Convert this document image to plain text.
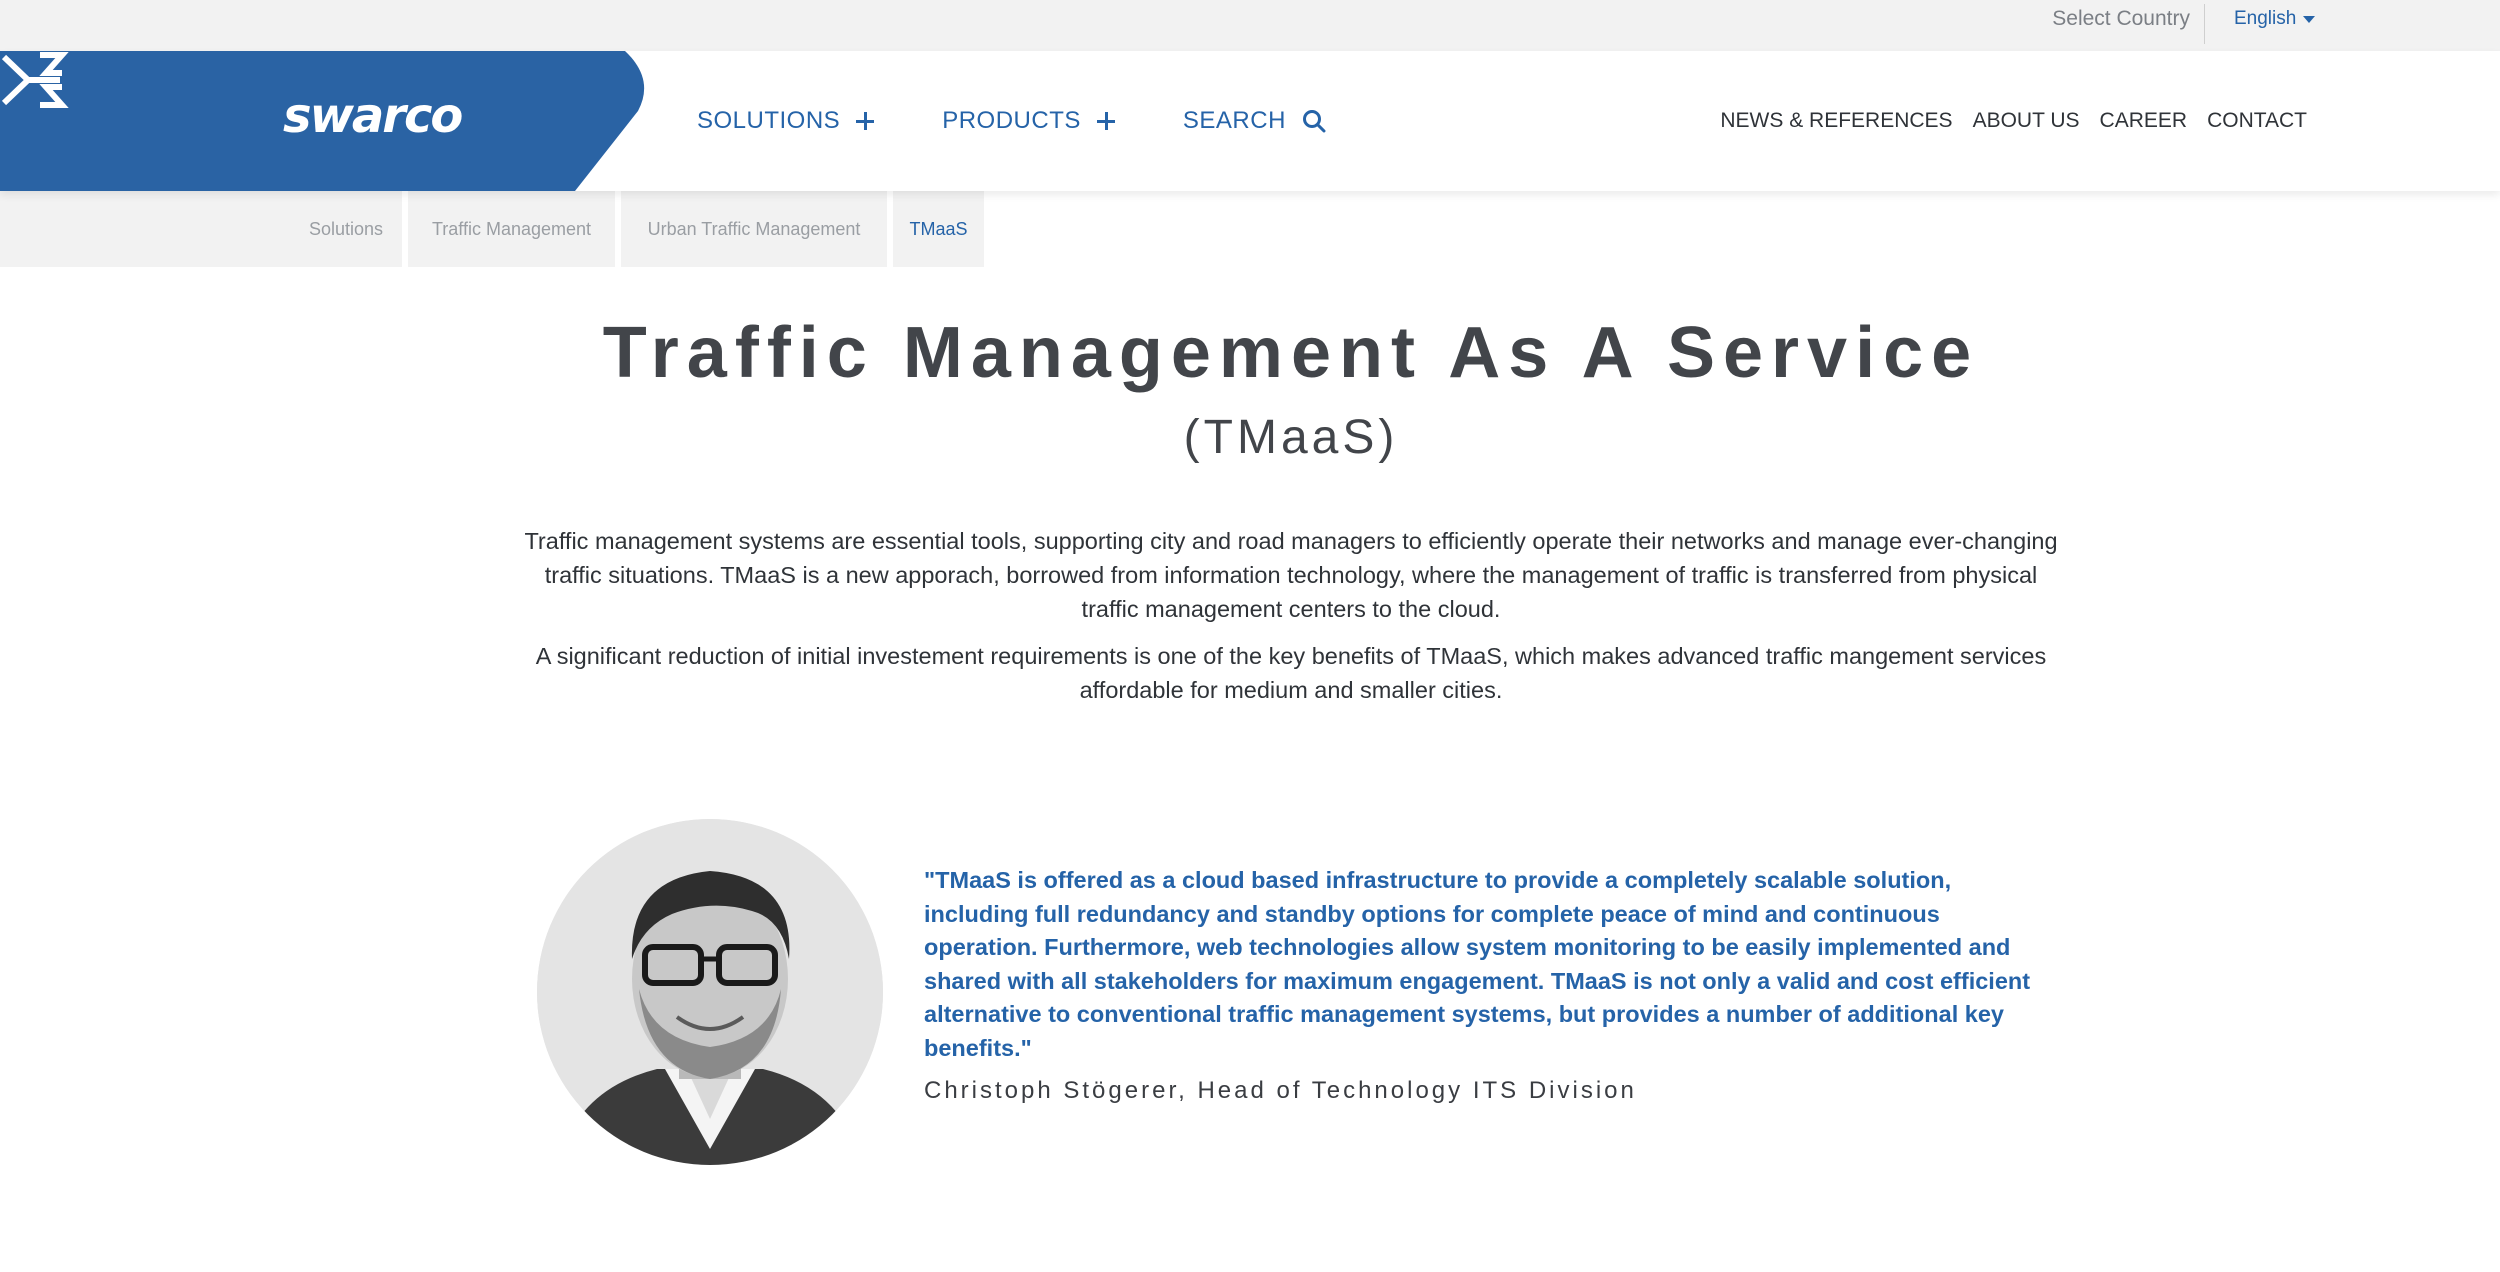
Select Country	English
swarco	SOLUTIONS	PRODUCTS	SEARCH	NEWS & REFERENCES ABOUT US CAREER CONTACT
Solutions	Traffic Management	Urban Traffic Management	TMaaS
Traffic Management As A Service
(TMaaS)

Traffic management systems are essential tools, supporting city and road managers to efficiently operate their networks and manage ever-changing traffic situations. TMaaS is a new apporach, borrowed from information technology, where the management of traffic is transferred from physical traffic management centers to the cloud.

A significant reduction of initial investement requirements is one of the key benefits of TMaaS, which makes advanced traffic mangement services affordable for medium and smaller cities.

"TMaaS is offered as a cloud based infrastructure to provide a completely scalable solution, including full redundancy and standby options for complete peace of mind and continuous operation. Furthermore, web technologies allow system monitoring to be easily implemented and shared with all stakeholders for maximum engagement. TMaaS is not only a valid and cost efficient alternative to conventional traffic management systems, but provides a number of additional key benefits."
Christoph Stögerer, Head of Technology ITS Division
